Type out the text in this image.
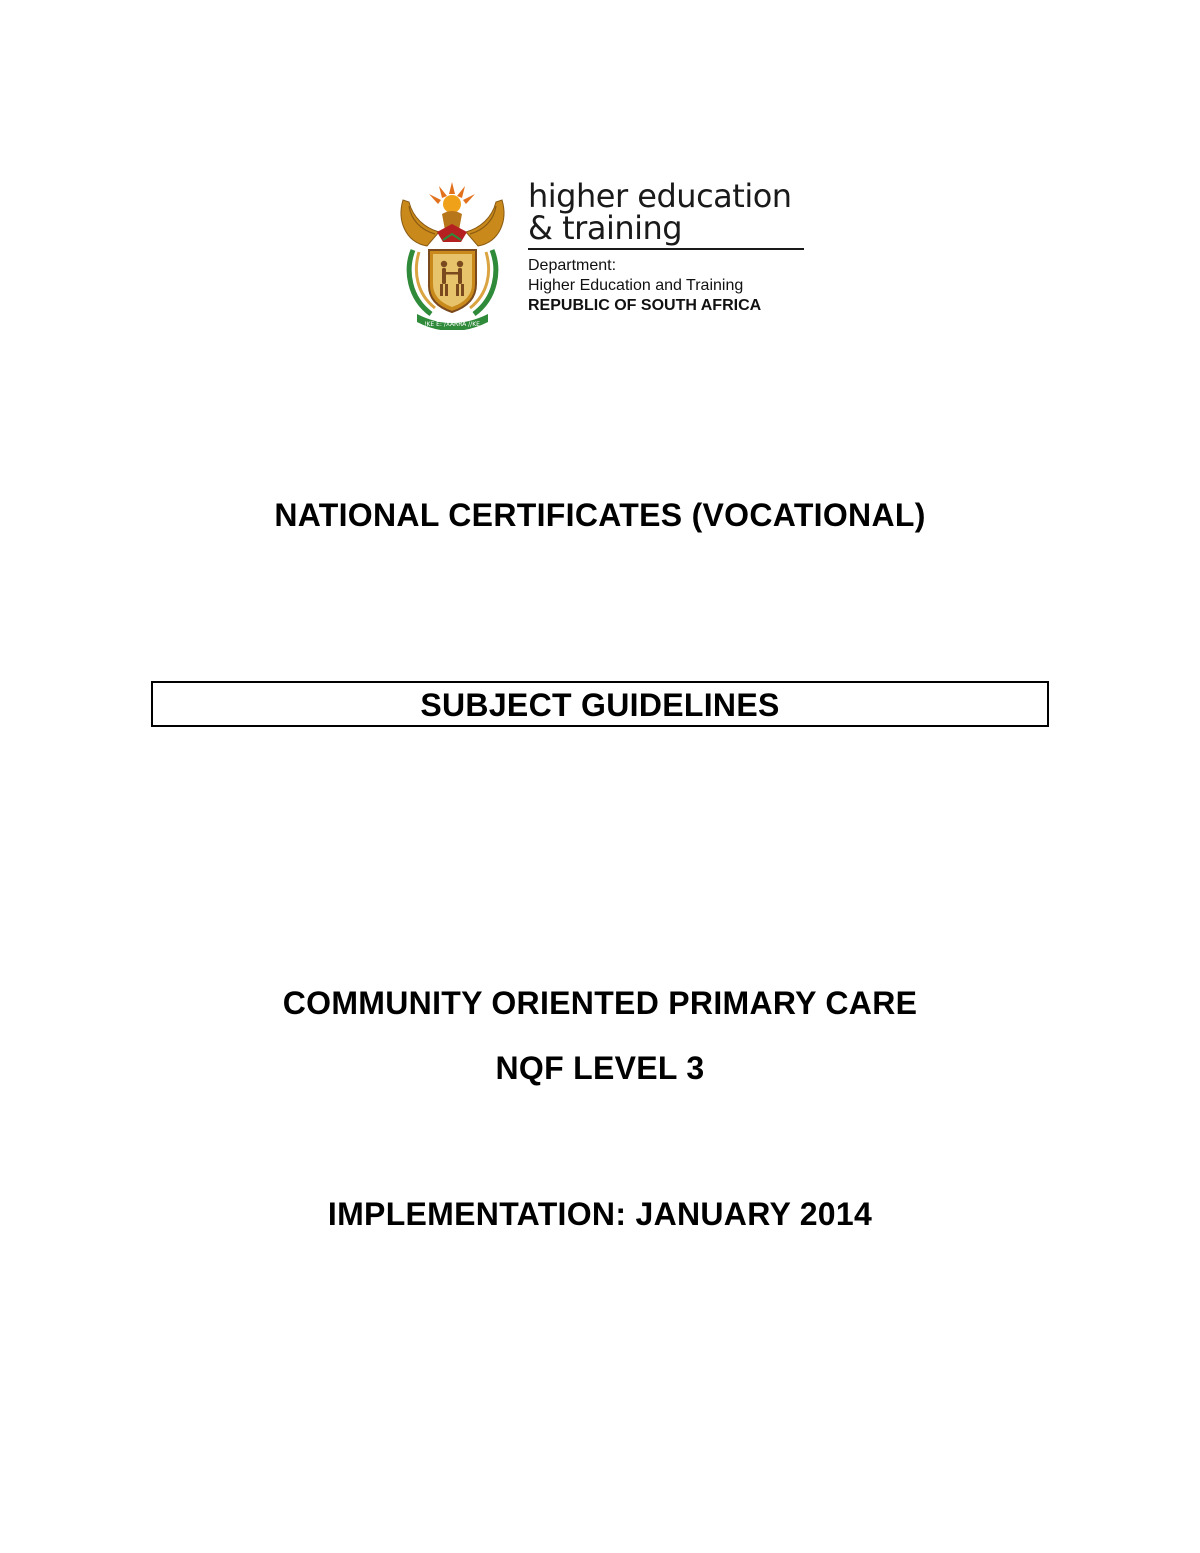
!KE E: /XARRA //KE
higher education
& training
Department:
Higher Education and Training
REPUBLIC OF SOUTH AFRICA
NATIONAL CERTIFICATES (VOCATIONAL)
SUBJECT GUIDELINES
COMMUNITY ORIENTED PRIMARY CARE
NQF LEVEL 3
IMPLEMENTATION: JANUARY 2014
